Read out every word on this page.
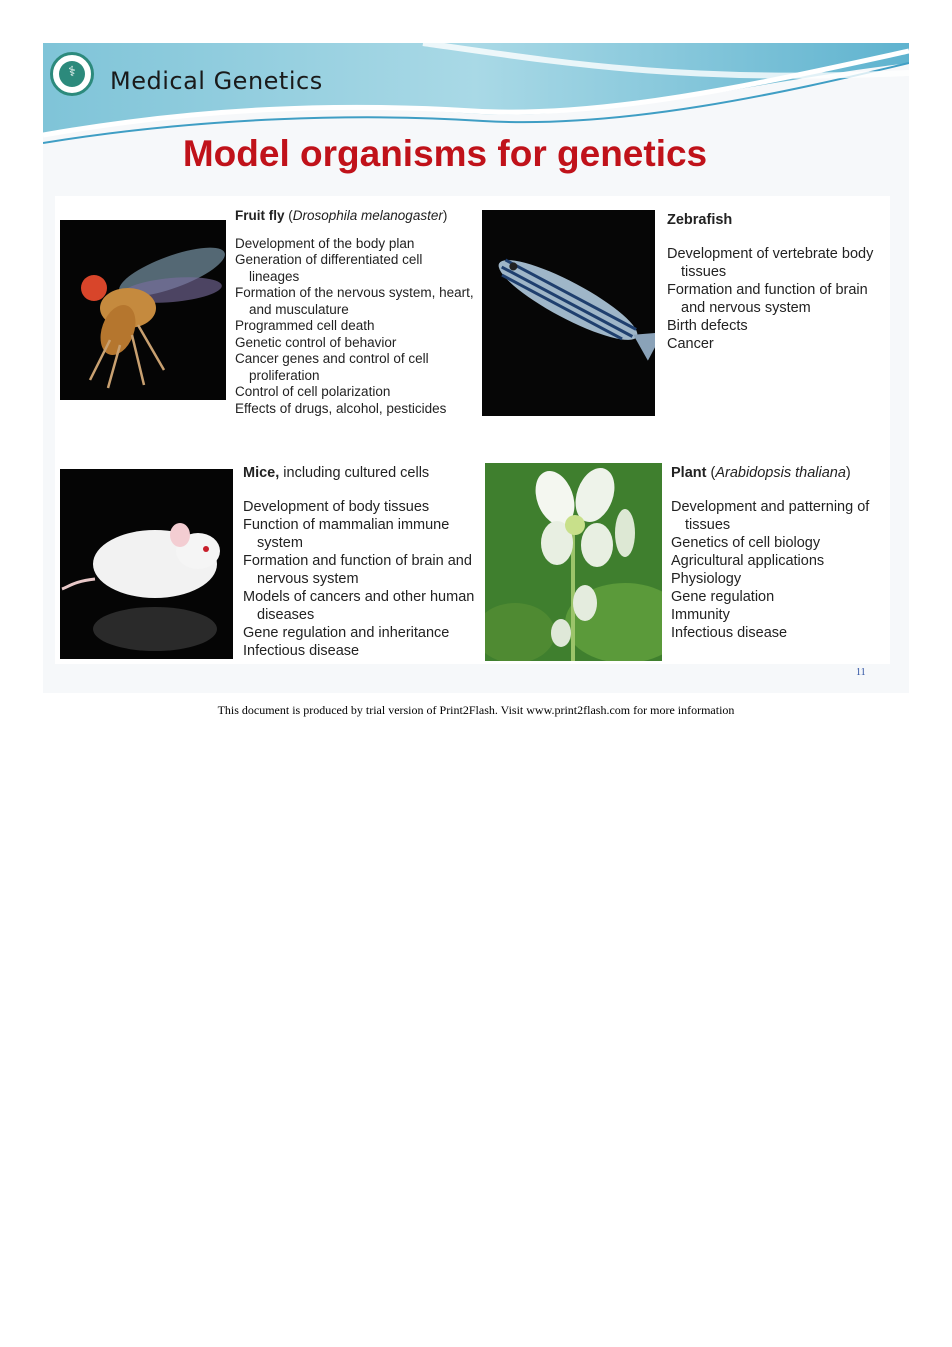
⚕	Medical Genetics
Model organisms for genetics
Fruit fly (Drosophila melanogaster)
Development of the body plan
Generation of differentiated cell lineages
Formation of the nervous system, heart, and musculature
Programmed cell death
Genetic control of behavior
Cancer genes and control of cell proliferation
Control of cell polarization
Effects of drugs, alcohol, pesticides
Zebrafish
Development of vertebrate body tissues
Formation and function of brain and nervous system
Birth defects
Cancer
Mice, including cultured cells
Development of body tissues
Function of mammalian immune system
Formation and function of brain and nervous system
Models of cancers and other human diseases
Gene regulation and inheritance
Infectious disease
Plant (Arabidopsis thaliana)
Development and patterning of tissues
Genetics of cell biology
Agricultural applications
Physiology
Gene regulation
Immunity
Infectious disease
11
This document is produced by trial version of Print2Flash. Visit www.print2flash.com for more information
